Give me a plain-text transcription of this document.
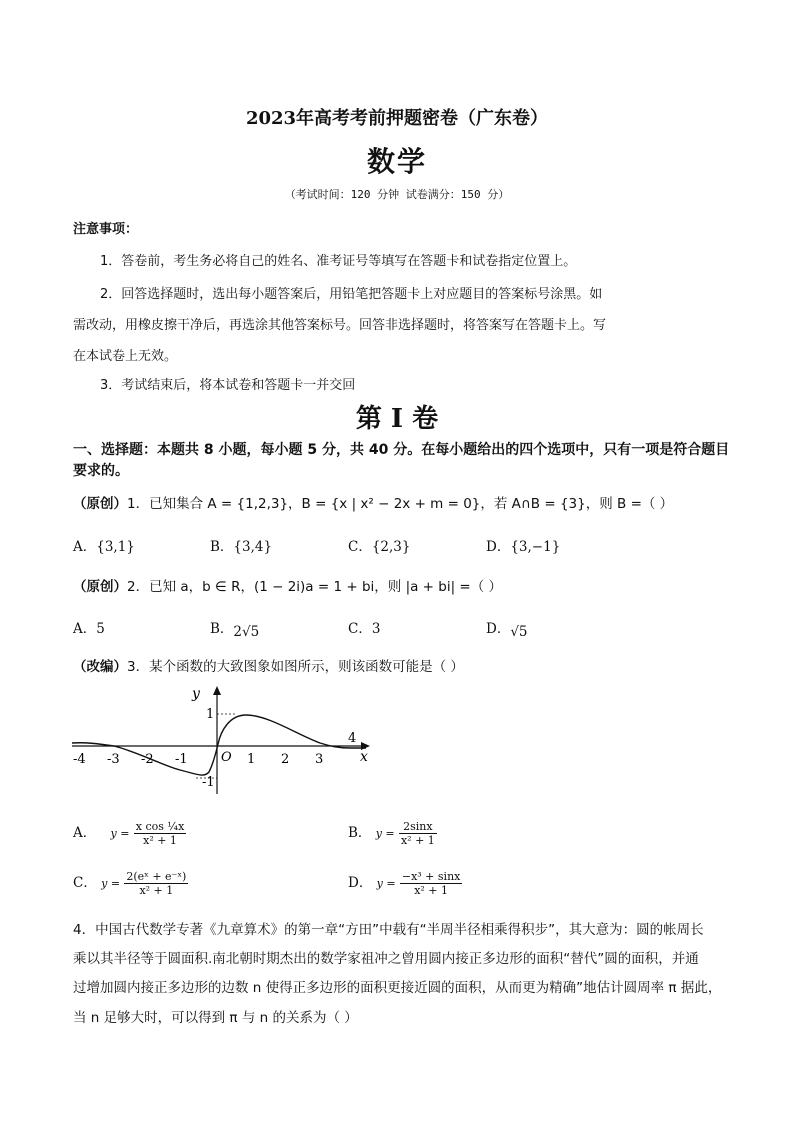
2023年高考考前押题密卷（广东卷）
数学
（考试时间：120 分钟 试卷满分：150 分）
注意事项：
1．答卷前，考生务必将自己的姓名、准考证号等填写在答题卡和试卷指定位置上。
2．回答选择题时，选出每小题答案后，用铅笔把答题卡上对应题目的答案标号涂黑。如
需改动，用橡皮擦干净后，再选涂其他答案标号。回答非选择题时，将答案写在答题卡上。写
在本试卷上无效。
3．考试结束后，将本试卷和答题卡一并交回
第 I 卷
一、选择题：本题共 8 小题，每小题 5 分，共 40 分。在每小题给出的四个选项中，只有一项是符合题目要求的。
（原创）1．已知集合 A = {1,2,3}，B = {x | x² − 2x + m = 0}，若 A∩B = {3}，则 B =（ ）
A．{3,1}	B．{3,4}	C．{2,3}	D．{3,−1}
（原创）2．已知 a，b ∈ R，(1 − 2i)a = 1 + bi，则 |a + bi| =（ ）
A．5	B．2√5	C．3	D．√5
（改编）3．某个函数的大致图象如图所示，则该函数可能是（ ）
y
x
O
1
-1
-4 -3 -2 -1	1 2 3
4
A． $y = \frac{\text{x cos ¼x}}{\text{x² + 1}}$	B． $y = \frac{2\sin x}{\text{x² + 1}}$
C． $y = \frac{\text{2(eˣ + e⁻ˣ)}}{\text{x² + 1}}$	D． $y = \frac{\text{−x³ + sinx}}{\text{x² + 1}}$
4．中国古代数学专著《九章算术》的第一章“方田”中载有“半周半径相乘得积步”，其大意为：圆的帐周长
乘以其半径等于圆面积.南北朝时期杰出的数学家祖冲之曾用圆内接正多边形的面积“替代”圆的面积，并通
过增加圆内接正多边形的边数 n 使得正多边形的面积更接近圆的面积，从而更为精确”地估计圆周率 π 据此，
当 n 足够大时，可以得到 π 与 n 的关系为（ ）
